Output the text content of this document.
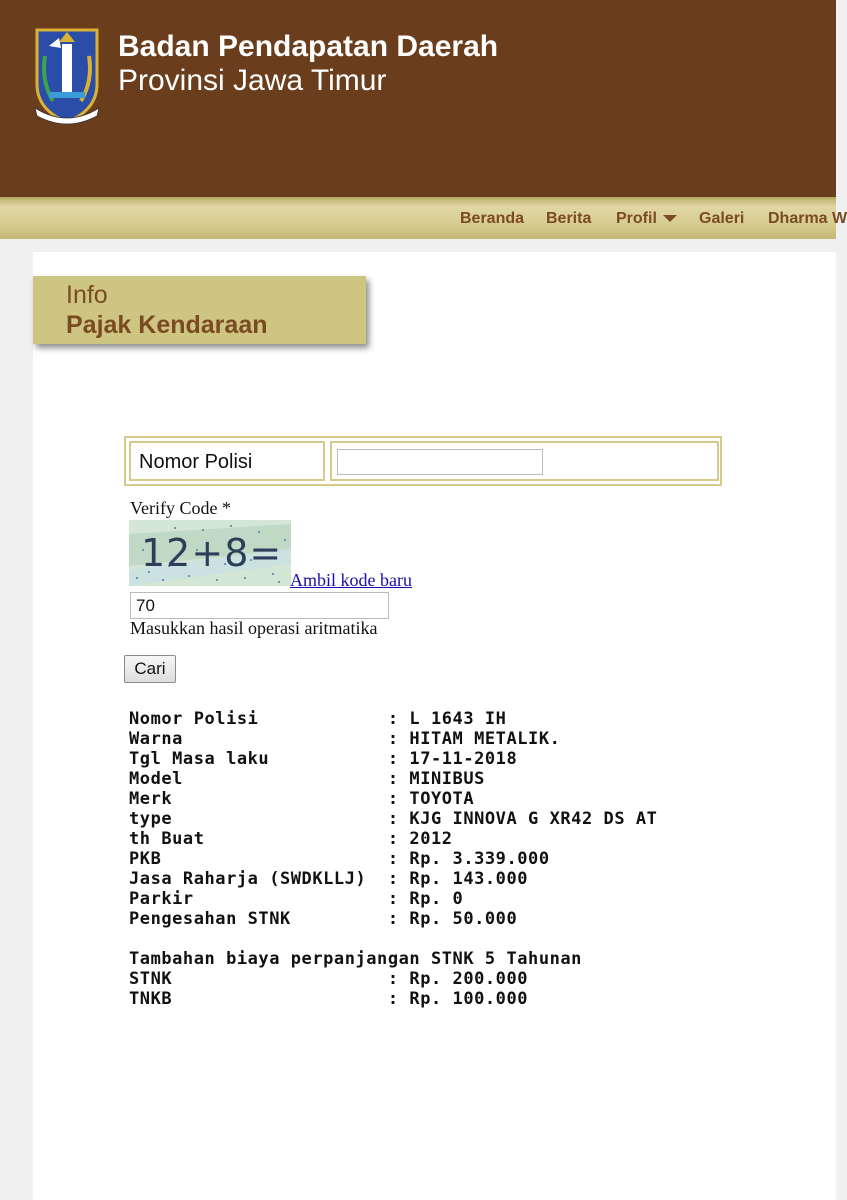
Badan Pendapatan Daerah
Provinsi Jawa Timur
Beranda Berita Profil	Galeri Dharma W
Info
Pajak Kendaraan
Nomor Polisi
Verify Code *
12+8=
Ambil kode baru
70
Masukkan hasil operasi aritmatika
Cari
Nomor Polisi            : L 1643 IH
Warna                   : HITAM METALIK.
Tgl Masa laku           : 17-11-2018
Model                   : MINIBUS
Merk                    : TOYOTA
type                    : KJG INNOVA G XR42 DS AT
th Buat                 : 2012
PKB                     : Rp. 3.339.000
Jasa Raharja (SWDKLLJ)  : Rp. 143.000
Parkir                  : Rp. 0
Pengesahan STNK         : Rp. 50.000

Tambahan biaya perpanjangan STNK 5 Tahunan
STNK                    : Rp. 200.000
TNKB                    : Rp. 100.000
